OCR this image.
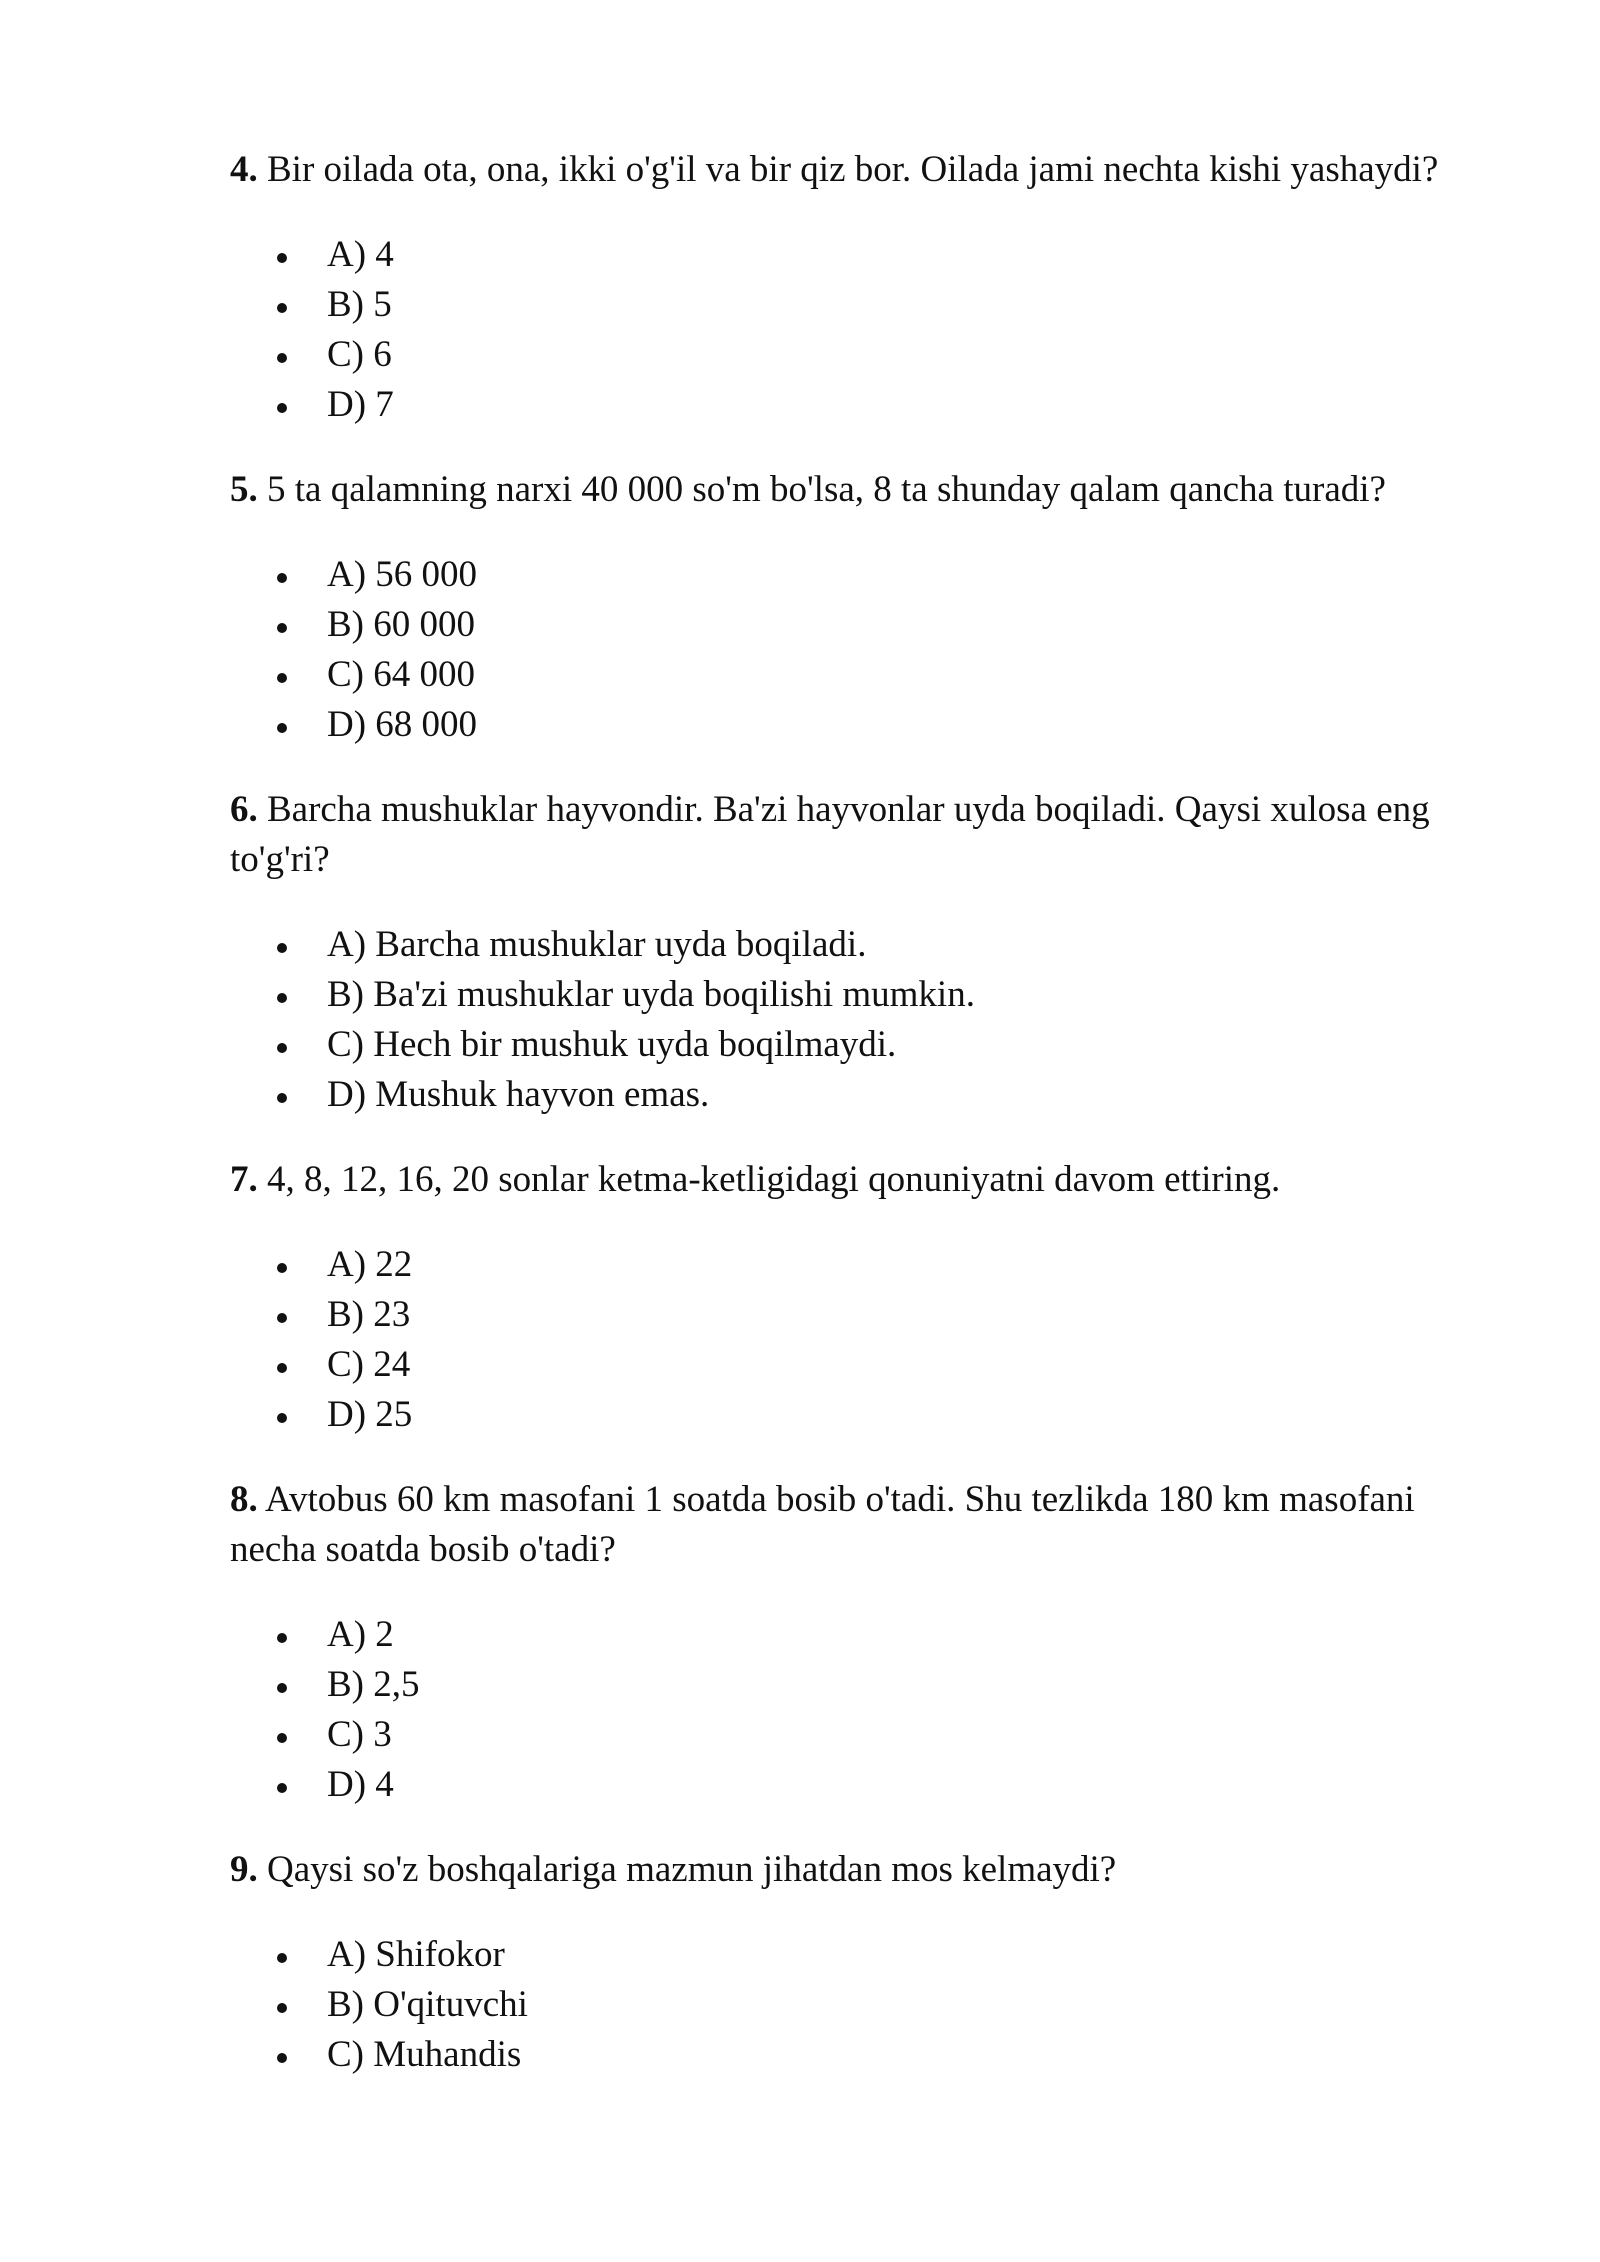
4. Bir oilada ota, ona, ikki o'g'il va bir qiz bor. Oilada jami nechta kishi yashaydi?

A) 4
B) 5
C) 6
D) 7

5. 5 ta qalamning narxi 40 000 so'm bo'lsa, 8 ta shunday qalam qancha turadi?

A) 56 000
B) 60 000
C) 64 000
D) 68 000

6. Barcha mushuklar hayvondir. Ba'zi hayvonlar uyda boqiladi. Qaysi xulosa eng to'g'ri?

A) Barcha mushuklar uyda boqiladi.
B) Ba'zi mushuklar uyda boqilishi mumkin.
C) Hech bir mushuk uyda boqilmaydi.
D) Mushuk hayvon emas.

7. 4, 8, 12, 16, 20 sonlar ketma-ketligidagi qonuniyatni davom ettiring.

A) 22
B) 23
C) 24
D) 25

8. Avtobus 60 km masofani 1 soatda bosib o'tadi. Shu tezlikda 180 km masofani necha soatda bosib o'tadi?

A) 2
B) 2,5
C) 3
D) 4

9. Qaysi so'z boshqalariga mazmun jihatdan mos kelmaydi?

A) Shifokor
B) O'qituvchi
C) Muhandis
